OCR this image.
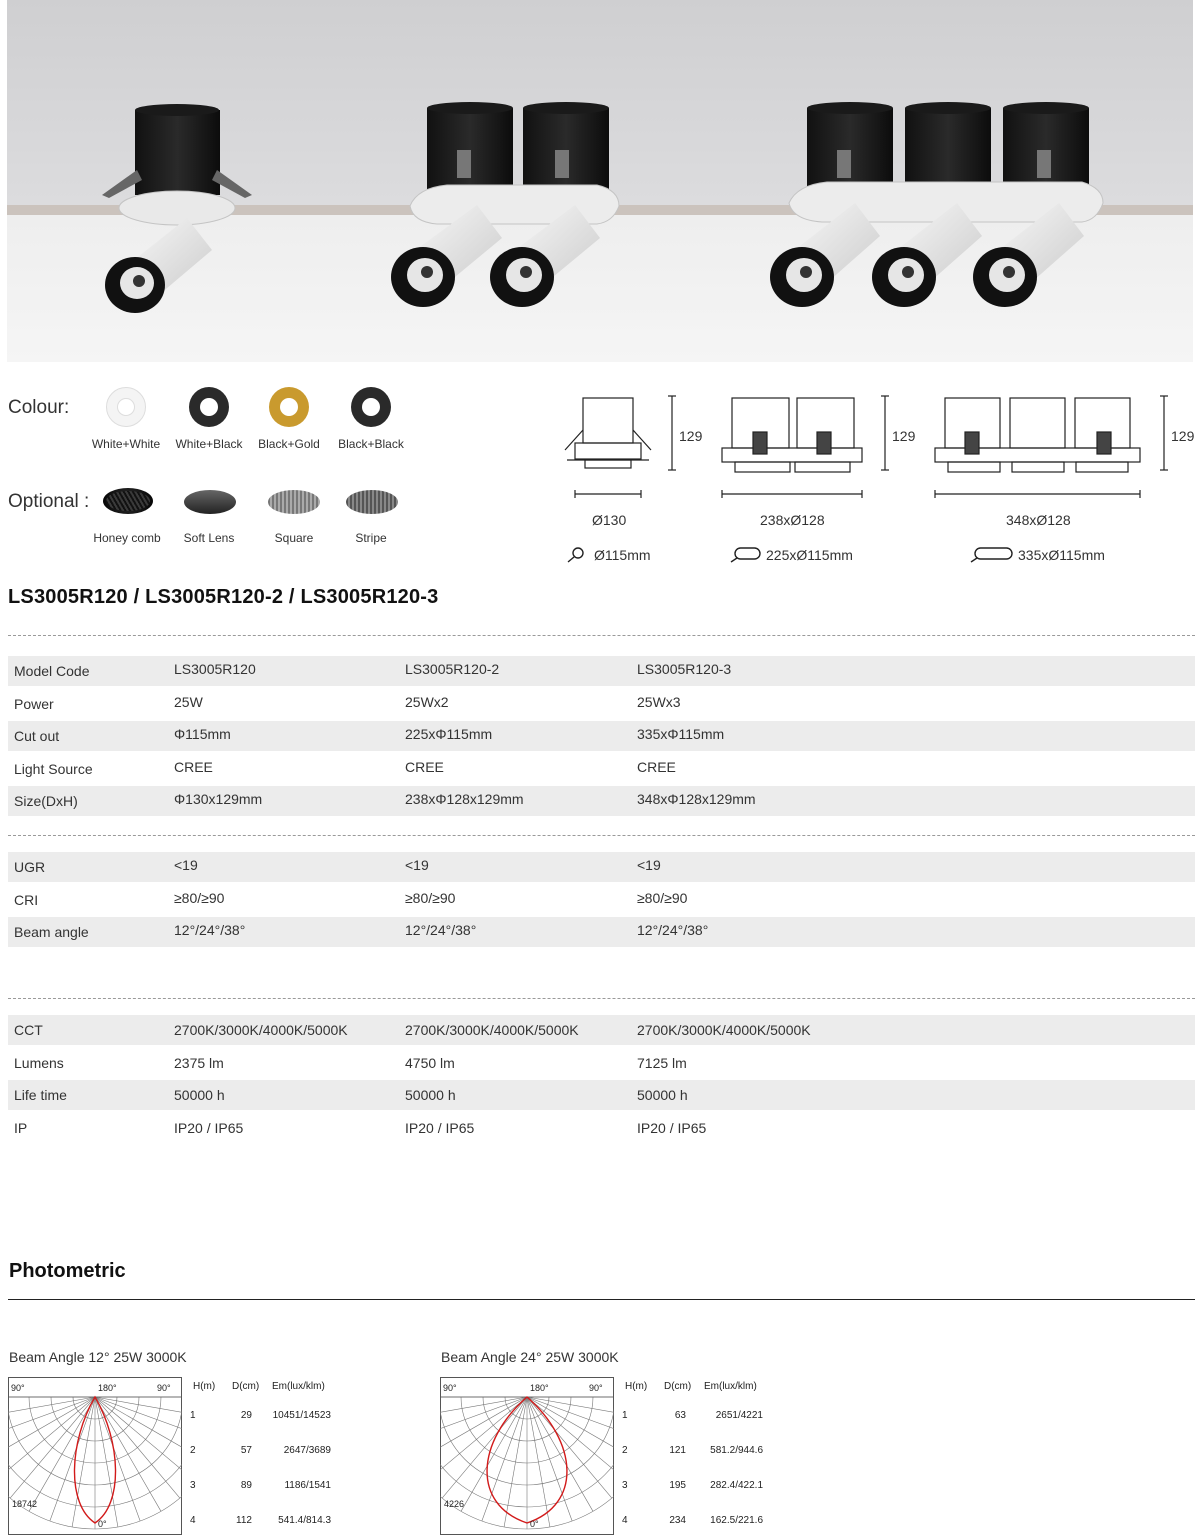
Colour:
White+White	White+Black	Black+Gold	Black+Black
Optional :
Honey comb	Soft Lens	Square	Stripe
129	129	129
Ø130	238xØ128	348xØ128
Ø115mm	225xØ115mm	335xØ115mm
LS3005R120 / LS3005R120-2 / LS3005R120-3
Model Code	LS3005R120	LS3005R120-2	LS3005R120-3
Power	25W	25Wx2	25Wx3
Cut out	Φ115mm	225xΦ115mm	335xΦ115mm
Light Source	CREE	CREE	CREE
Size(DxH)	Φ130x129mm	238xΦ128x129mm	348xΦ128x129mm
UGR	<19	<19	<19
CRI	≥80/≥90	≥80/≥90	≥80/≥90
Beam angle	12°/24°/38°	12°/24°/38°	12°/24°/38°
CCT	2700K/3000K/4000K/5000K	2700K/3000K/4000K/5000K	2700K/3000K/4000K/5000K
Lumens	2375 lm	4750 lm	7125 lm
Life time	50000 h	50000 h	50000 h
IP	IP20 / IP65	IP20 / IP65	IP20 / IP65
Photometric
Beam Angle 12° 25W 3000K
90°	180°	90°
0°
18742
H(m) D(cm) Em(lux/klm)
1	29	10451/14523
2	57	2647/3689
3	89	1186/1541
4	112	541.4/814.3
Beam Angle 24° 25W 3000K
90°	180°	90°
0°
4226
H(m) D(cm) Em(lux/klm)
1	63	2651/4221
2	121	581.2/944.6
3	195	282.4/422.1
4	234	162.5/221.6
